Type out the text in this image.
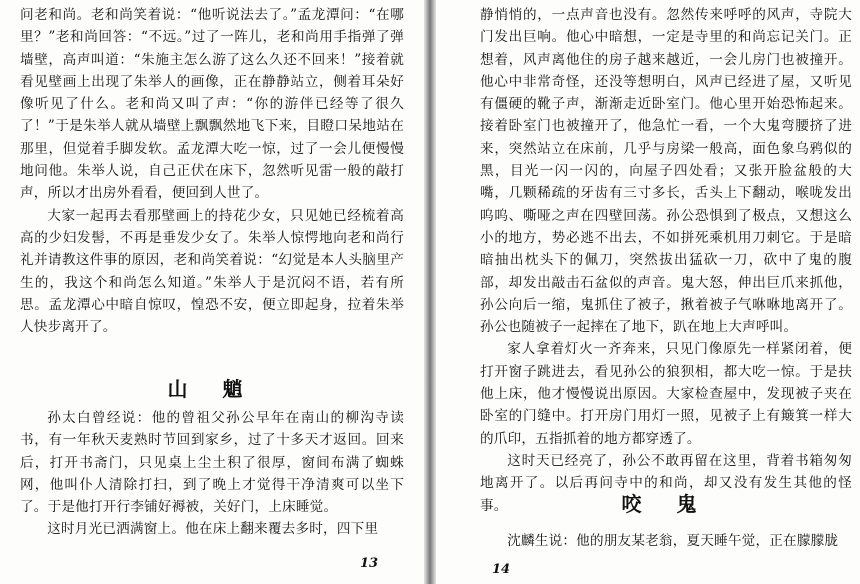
问老和尚。老和尚笑着说：“他听说法去了。”孟龙潭问：“在哪里？”老和尚回答：“不远。”过了一阵儿，老和尚用手指弹了弹墙壁，高声叫道：“朱施主怎么游了这么久还不回来！”接着就看见壁画上出现了朱举人的画像，正在静静站立，侧着耳朵好像听见了什么。老和尚又叫了声：“你的游伴已经等了很久了！”于是朱举人就从墙壁上飘飘然地飞下来，目瞪口呆地站在那里，但觉着手脚发软。孟龙潭大吃一惊，过了一会儿便慢慢地问他。朱举人说，自己正伏在床下，忽然听见雷一般的敲打声，所以才出房外看看，便回到人世了。

大家一起再去看那壁画上的持花少女，只见她已经梳着高高的少妇发髻，不再是垂发少女了。朱举人惊愕地向老和尚行礼并请教这件事的原因，老和尚笑着说：“幻觉是本人头脑里产生的，我这个和尚怎么知道。”朱举人于是沉闷不语，若有所思。孟龙潭心中暗自惊叹，惶恐不安，便立即起身，拉着朱举人快步离开了。

山 魈

孙太白曾经说：他的曾祖父孙公早年在南山的柳沟寺读书，有一年秋天麦熟时节回到家乡，过了十多天才返回。回来后，打开书斋门，只见桌上尘土积了很厚，窗间布满了蜘蛛网，他叫仆人清除打扫，到了晚上才觉得干净清爽可以坐下了。于是他打开行李铺好褥被，关好门，上床睡觉。

这时月光已洒满窗上。他在床上翻来覆去多时，四下里

13

静悄悄的，一点声音也没有。忽然传来呼呼的风声，寺院大门发出巨响。他心中暗想，一定是寺里的和尚忘记关门。正想着，风声离他住的房子越来越近，一会儿房门也被撞开。他心中非常奇怪，还没等想明白，风声已经进了屋，又听见有僵硬的靴子声，渐渐走近卧室门。他心里开始恐怖起来。接着卧室门也被撞开了，他急忙一看，一个大鬼弯腰挤了进来，突然站立在床前，几乎与房梁一般高，面色象乌鸦似的黑，目光一闪一闪的，向屋子四处看；又张开脸盆般的大嘴，几颗稀疏的牙齿有三寸多长，舌头上下翻动，喉咙发出呜呜、嘶哑之声在四壁回荡。孙公恐惧到了极点，又想这么小的地方，势必逃不出去，不如拼死乘机用刀刺它。于是暗暗抽出枕头下的佩刀，突然拔出猛砍一刀，砍中了鬼的腹部，却发出敲击石盆似的声音。鬼大怒，伸出巨爪来抓他，孙公向后一缩，鬼抓住了被子，揪着被子气咻咻地离开了。孙公也随被子一起摔在了地下，趴在地上大声呼叫。

家人拿着灯火一齐奔来，只见门像原先一样紧闭着，便打开窗子跳进去，看见孙公的狼狈相，都大吃一惊。于是扶他上床，他才慢慢说出原因。大家检查屋中，发现被子夹在卧室的门缝中。打开房门用灯一照，见被子上有簸箕一样大的爪印，五指抓着的地方都穿透了。

这时天已经亮了，孙公不敢再留在这里，背着书箱匆匆地离开了。以后再问寺中的和尚，却又没有发生其他的怪事。	咬 鬼

沈麟生说：他的朋友某老翁，夏天睡午觉，正在朦朦胧

14
